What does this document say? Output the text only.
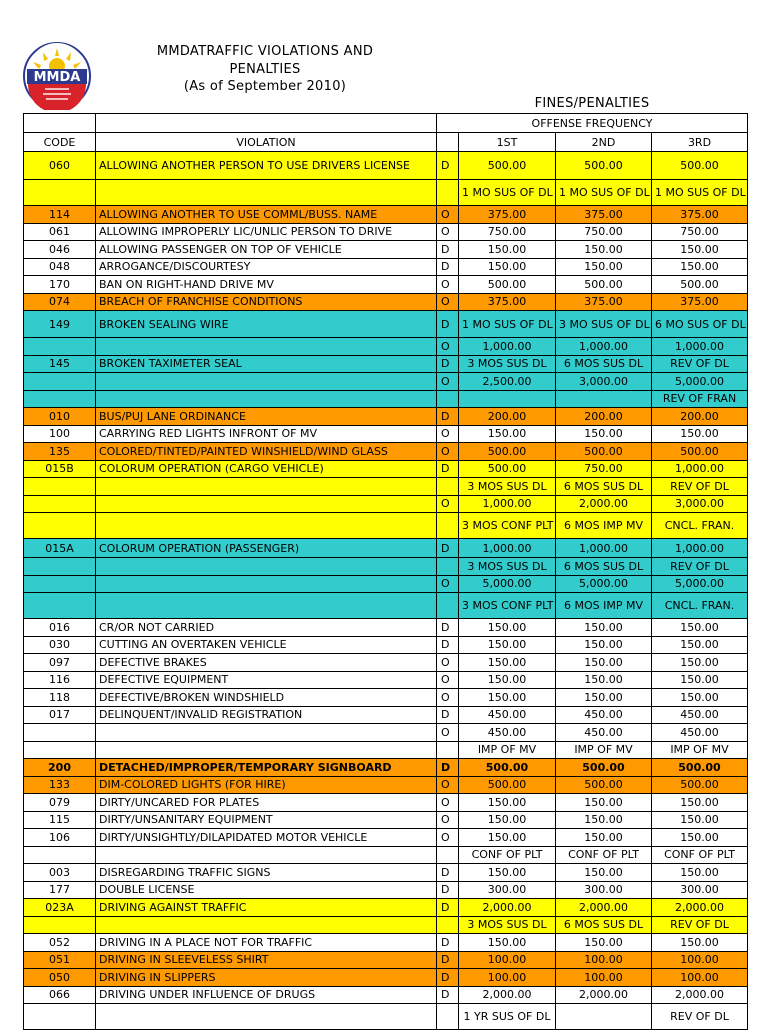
MMDA
MMDATRAFFIC VIOLATIONS AND
PENALTIES
(As of September 2010)
FINES/PENALTIES
		OFFENSE FREQUENCY			
CODE	VIOLATION		1ST	2ND	3RD
060	ALLOWING ANOTHER PERSON TO USE DRIVERS LICENSE	D	500.00	500.00	500.00
			1 MO SUS OF DL	1 MO SUS OF DL	1 MO SUS OF DL
114	ALLOWING ANOTHER TO USE COMML/BUSS. NAME	O	375.00	375.00	375.00
061	ALLOWING IMPROPERLY LIC/UNLIC PERSON TO DRIVE	O	750.00	750.00	750.00
046	ALLOWING PASSENGER ON TOP OF VEHICLE	D	150.00	150.00	150.00
048	ARROGANCE/DISCOURTESY	D	150.00	150.00	150.00
170	BAN ON RIGHT-HAND DRIVE MV	O	500.00	500.00	500.00
074	BREACH OF FRANCHISE CONDITIONS	O	375.00	375.00	375.00
149	BROKEN SEALING WIRE	D	1 MO SUS OF DL	3 MO SUS OF DL	6 MO SUS OF DL
		O	1,000.00	1,000.00	1,000.00
145	BROKEN TAXIMETER SEAL	D	3 MOS SUS DL	6 MOS SUS DL	REV OF DL
		O	2,500.00	3,000.00	5,000.00
					REV OF FRAN
010	BUS/PUJ LANE ORDINANCE	D	200.00	200.00	200.00
100	CARRYING RED LIGHTS INFRONT OF MV	O	150.00	150.00	150.00
135	COLORED/TINTED/PAINTED WINSHIELD/WIND GLASS	O	500.00	500.00	500.00
015B	COLORUM OPERATION (CARGO VEHICLE)	D	500.00	750.00	1,000.00
			3 MOS SUS DL	6 MOS SUS DL	REV OF DL
		O	1,000.00	2,000.00	3,000.00
			3 MOS CONF PLT	6 MOS IMP MV	CNCL. FRAN.
015A	COLORUM OPERATION (PASSENGER)	D	1,000.00	1,000.00	1,000.00
			3 MOS SUS DL	6 MOS SUS DL	REV OF DL
		O	5,000.00	5,000.00	5,000.00
			3 MOS CONF PLT	6 MOS IMP MV	CNCL. FRAN.
016	CR/OR NOT CARRIED	D	150.00	150.00	150.00
030	CUTTING AN OVERTAKEN VEHICLE	D	150.00	150.00	150.00
097	DEFECTIVE BRAKES	O	150.00	150.00	150.00
116	DEFECTIVE EQUIPMENT	O	150.00	150.00	150.00
118	DEFECTIVE/BROKEN WINDSHIELD	O	150.00	150.00	150.00
017	DELINQUENT/INVALID REGISTRATION	D	450.00	450.00	450.00
		O	450.00	450.00	450.00
			IMP OF MV	IMP OF MV	IMP OF MV
200	DETACHED/IMPROPER/TEMPORARY SIGNBOARD	D	500.00	500.00	500.00
133	DIM-COLORED LIGHTS (FOR HIRE)	O	500.00	500.00	500.00
079	DIRTY/UNCARED FOR PLATES	O	150.00	150.00	150.00
115	DIRTY/UNSANITARY EQUIPMENT	O	150.00	150.00	150.00
106	DIRTY/UNSIGHTLY/DILAPIDATED MOTOR VEHICLE	O	150.00	150.00	150.00
			CONF OF PLT	CONF OF PLT	CONF OF PLT
003	DISREGARDING TRAFFIC SIGNS	D	150.00	150.00	150.00
177	DOUBLE LICENSE	D	300.00	300.00	300.00
023A	DRIVING AGAINST TRAFFIC	D	2,000.00	2,000.00	2,000.00
			3 MOS SUS DL	6 MOS SUS DL	REV OF DL
052	DRIVING IN A PLACE NOT FOR TRAFFIC	D	150.00	150.00	150.00
051	DRIVING IN SLEEVELESS SHIRT	D	100.00	100.00	100.00
050	DRIVING IN SLIPPERS	D	100.00	100.00	100.00
066	DRIVING UNDER INFLUENCE OF DRUGS	D	2,000.00	2,000.00	2,000.00
			1 YR SUS OF DL		REV OF DL
